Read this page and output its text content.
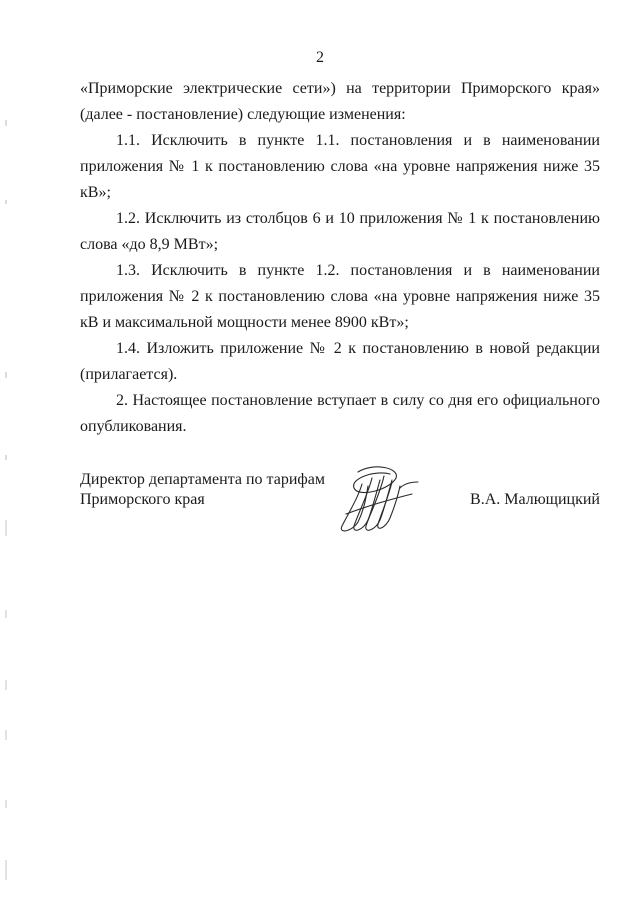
2

«Приморские электрические сети») на территории Приморского края» (далее - постановление) следующие изменения:

1.1. Исключить в пункте 1.1. постановления и в наименовании приложения № 1 к постановлению слова «на уровне напряжения ниже 35 кВ»;

1.2. Исключить из столбцов 6 и 10 приложения № 1 к постановлению слова «до 8,9 МВт»;

1.3. Исключить в пункте 1.2. постановления и в наименовании приложения № 2 к постановлению слова «на уровне напряжения ниже 35 кВ и максимальной мощности менее 8900 кВт»;

1.4. Изложить приложение № 2 к постановлению в новой редакции (прилагается).

2. Настоящее постановление вступает в силу со дня его официального опубликования.

Директор департамента по тарифам
Приморского края	В.А. Малющицкий
